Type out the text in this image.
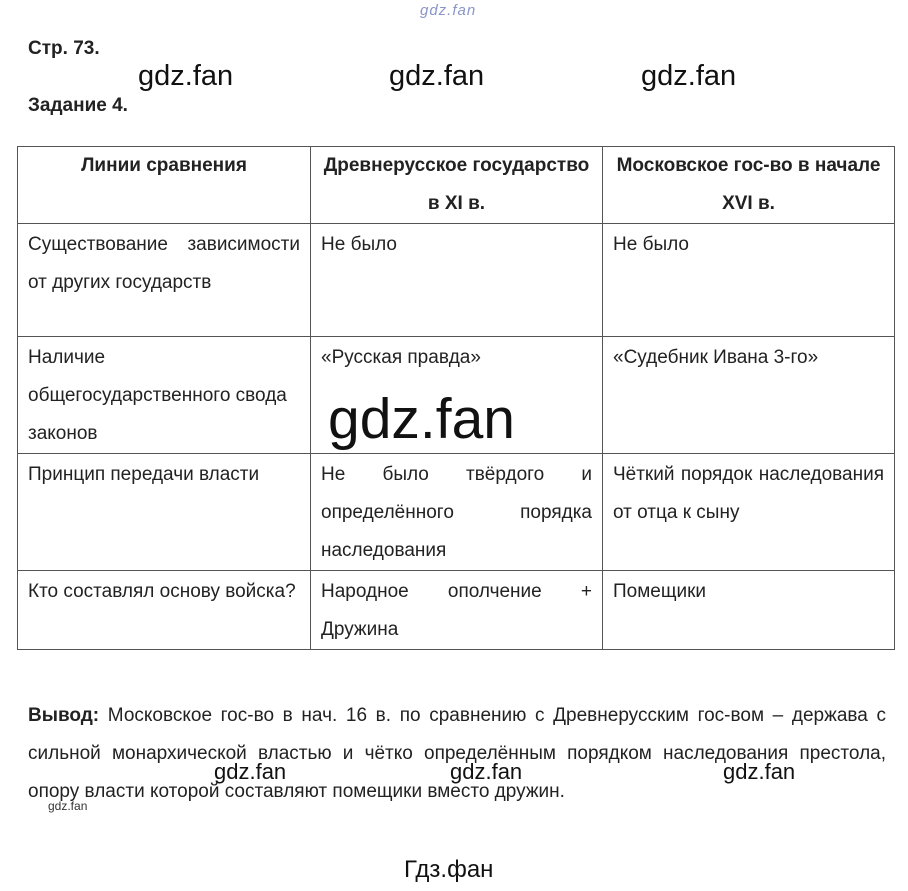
gdz.fan
Стр. 73.
Задание 4.
gdz.fan	gdz.fan	gdz.fan
Линии сравнения	Древнерусское государство в XI в.	Московское гос-во в начале XVI в.
Существование зависимости от других государств	Не было	Не было
Наличие общегосударственного свода законов	«Русская правда»	«Судебник Ивана 3-го»
Принцип передачи власти	Не было твёрдого и определённого порядка наследования	Чёткий порядок наследования от отца к сыну
Кто составлял основу войска?	Народное ополчение + Дружина	Помещики
gdz.fan
Вывод: Московское гос-во в нач. 16 в. по сравнению с Древнерусским гос-вом – держава с сильной монархической властью и чётко определённым порядком наследования престола, опору власти которой составляют помещики вместо дружин.
gdz.fan	gdz.fan	gdz.fan
gdz.fan
Гдз.фан
